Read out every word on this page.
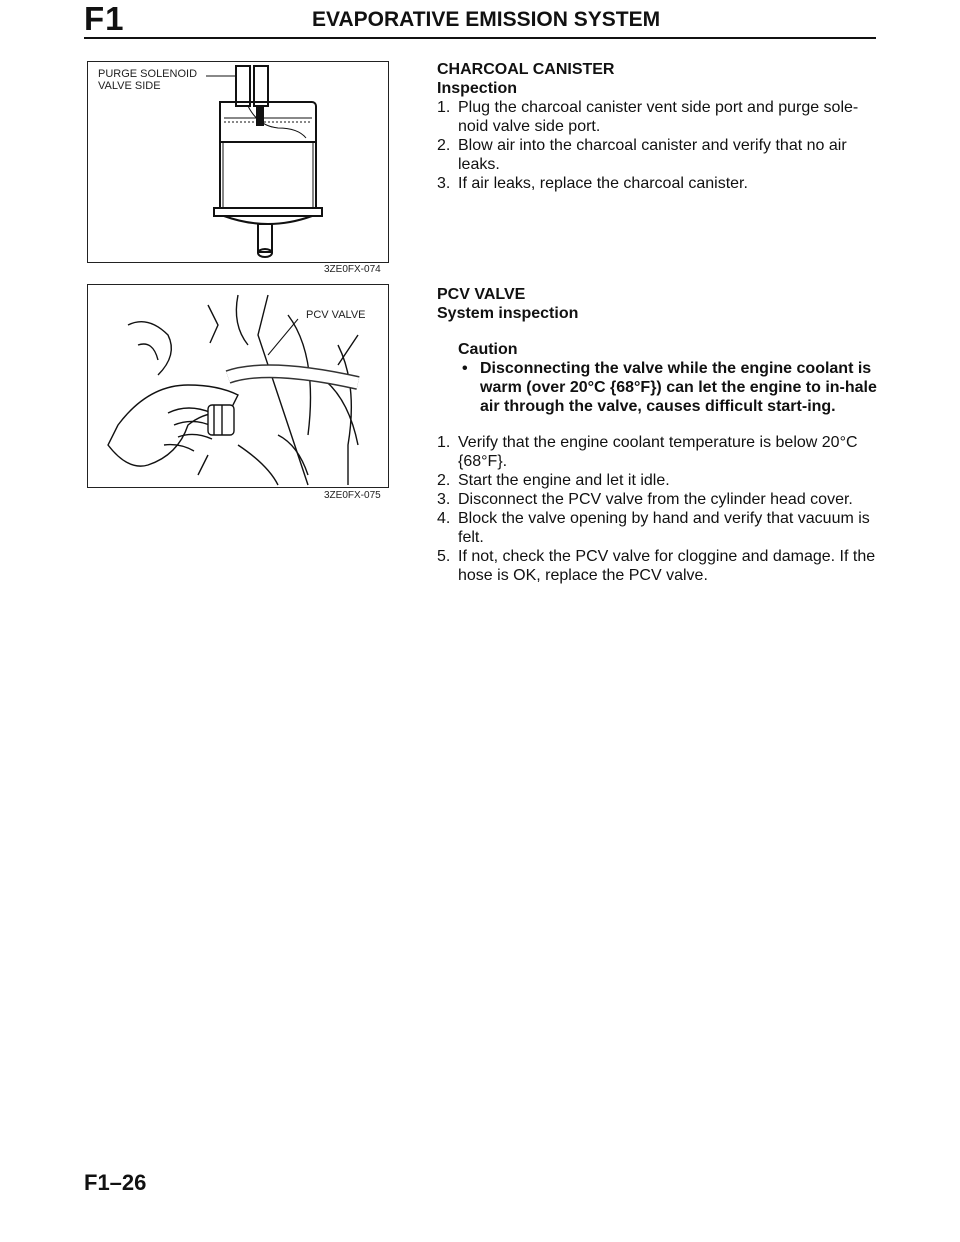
F1	EVAPORATIVE EMISSION SYSTEM
PURGE SOLENOID
VALVE SIDE
3ZE0FX-074
PCV VALVE
3ZE0FX-075

CHARCOAL CANISTER

Inspection

1. Plug the charcoal canister vent side port and purge sole-noid valve side port.
2. Blow air into the charcoal canister and verify that no air leaks.
3. If air leaks, replace the charcoal canister.

PCV VALVE

System inspection

Caution

• Disconnecting the valve while the engine coolant is warm (over 20°C {68°F}) can let the engine to in-hale air through the valve, causes difficult start-ing.
1. Verify that the engine coolant temperature is below 20°C {68°F}.
2. Start the engine and let it idle.
3. Disconnect the PCV valve from the cylinder head cover.
4. Block the valve opening by hand and verify that vacuum is felt.
5. If not, check the PCV valve for cloggine and damage. If the hose is OK, replace the PCV valve.
F1–26
